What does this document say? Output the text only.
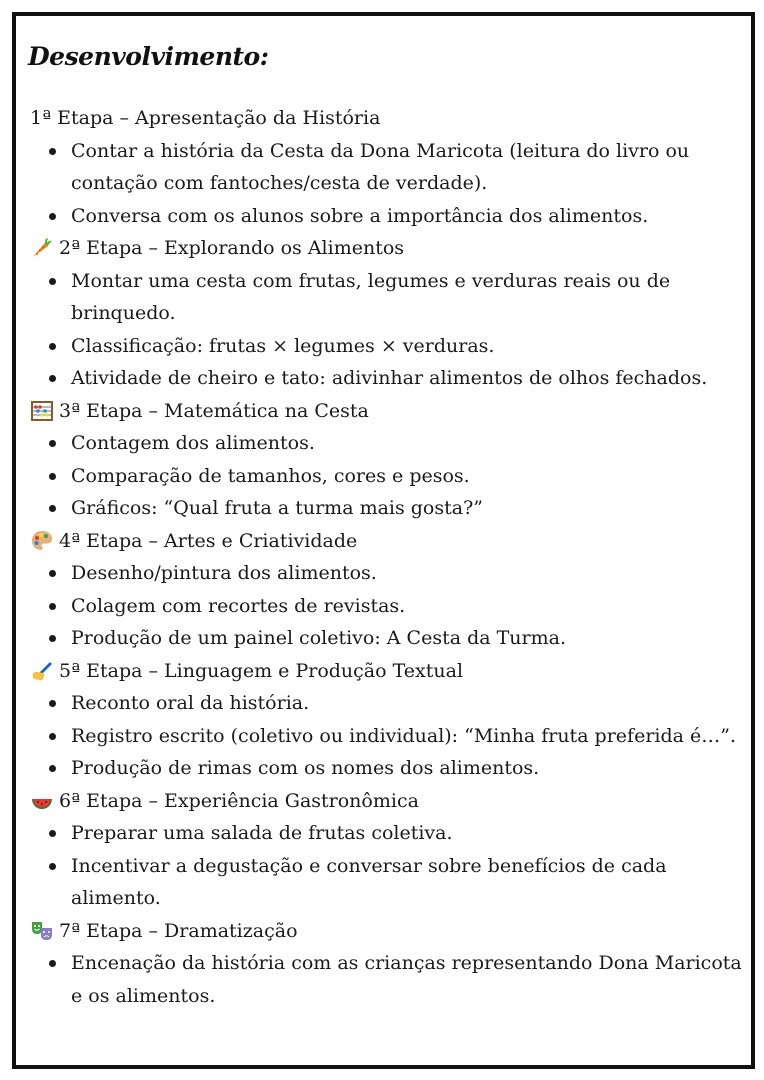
Desenvolvimento:

1ª Etapa – Apresentação da História

Contar a história da Cesta da Dona Maricota (leitura do livro ou contação com fantoches/cesta de verdade).
Conversa com os alunos sobre a importância dos alimentos.

2ª Etapa – Explorando os Alimentos

Montar uma cesta com frutas, legumes e verduras reais ou de brinquedo.
Classificação: frutas × legumes × verduras.
Atividade de cheiro e tato: adivinhar alimentos de olhos fechados.

3ª Etapa – Matemática na Cesta

Contagem dos alimentos.
Comparação de tamanhos, cores e pesos.
Gráficos: “Qual fruta a turma mais gosta?”

4ª Etapa – Artes e Criatividade

Desenho/pintura dos alimentos.
Colagem com recortes de revistas.
Produção de um painel coletivo: A Cesta da Turma.

5ª Etapa – Linguagem e Produção Textual

Reconto oral da história.
Registro escrito (coletivo ou individual): “Minha fruta preferida é…”.
Produção de rimas com os nomes dos alimentos.

6ª Etapa – Experiência Gastronômica

Preparar uma salada de frutas coletiva.
Incentivar a degustação e conversar sobre benefícios de cada alimento.

7ª Etapa – Dramatização

Encenação da história com as crianças representando Dona Maricota e os alimentos.
